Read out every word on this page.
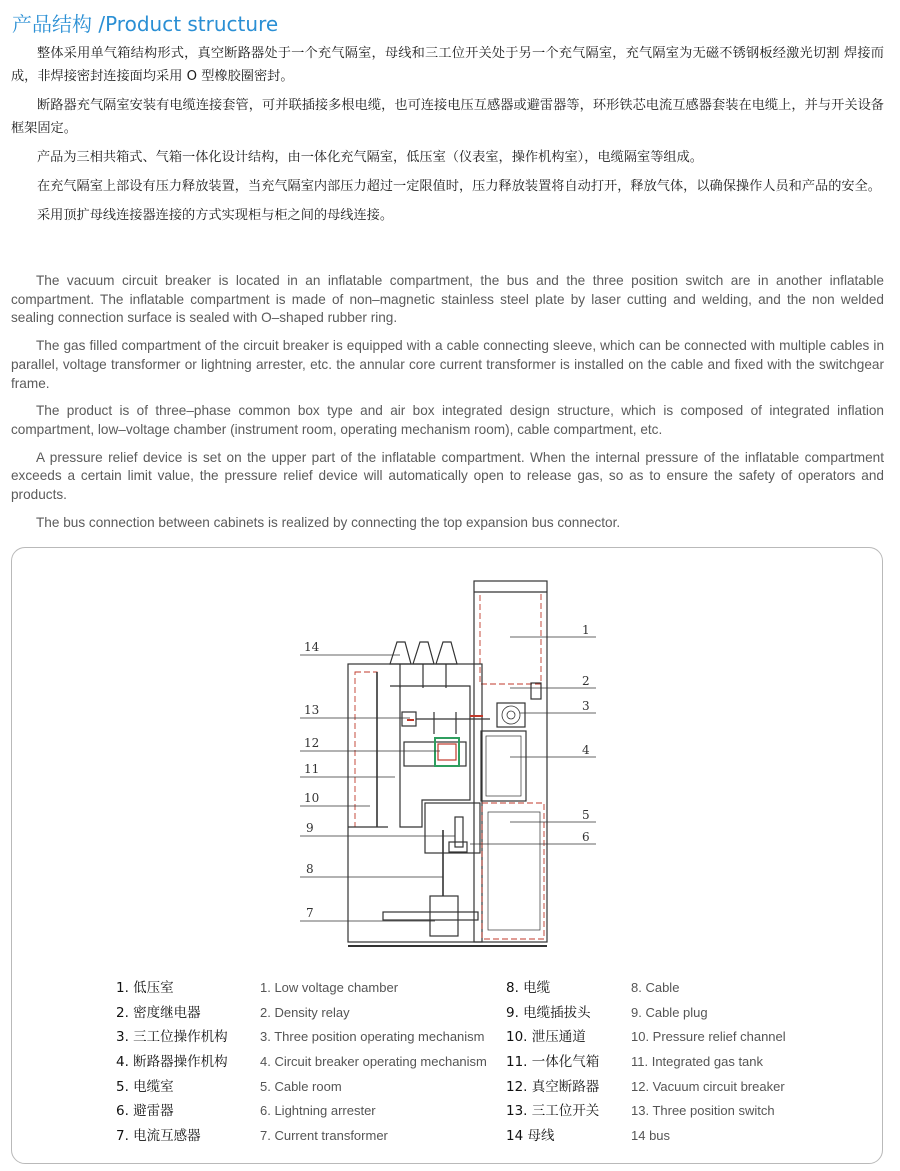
产品结构 /Product structure

整体采用单气箱结构形式，真空断路器处于一个充气隔室，母线和三工位开关处于另一个充气隔室，充气隔室为无磁不锈钢板经激光切割 焊接而成，非焊接密封连接面均采用 O 型橡胶圈密封。

断路器充气隔室安装有电缆连接套管，可并联插接多根电缆，也可连接电压互感器或避雷器等，环形铁芯电流互感器套装在电缆上，并与开关设备框架固定。

产品为三相共箱式、气箱一体化设计结构，由一体化充气隔室，低压室（仪表室，操作机构室），电缆隔室等组成。

在充气隔室上部设有压力释放装置，当充气隔室内部压力超过一定限值时，压力释放装置将自动打开，释放气体，以确保操作人员和产品的安全。

采用顶扩母线连接器连接的方式实现柜与柜之间的母线连接。

The vacuum circuit breaker is located in an inflatable compartment, the bus and the three position switch are in another inflatable compartment. The inflatable compartment is made of non–magnetic stainless steel plate by laser cutting and welding, and the non welded sealing connection surface is sealed with O–shaped rubber ring.

The gas filled compartment of the circuit breaker is equipped with a cable connecting sleeve, which can be connected with multiple cables in parallel, voltage transformer or lightning arrester, etc. the annular core current transformer is installed on the cable and fixed with the switchgear frame.

The product is of three–phase common box type and air box integrated design structure, which is composed of integrated inflation compartment, low–voltage chamber (instrument room, operating mechanism room), cable compartment, etc.

A pressure relief device is set on the upper part of the inflatable compartment. When the internal pressure of the inflatable compartment exceeds a certain limit value, the pressure relief device will automatically open to release gas, so as to ensure the safety of operators and products.

The bus connection between cabinets is realized by connecting the top expansion bus connector.

1
2
3
4
5
6
14
13
12
11
10
9
8
7
1. 低压室
2. 密度继电器
3. 三工位操作机构
4. 断路器操作机构
5. 电缆室
6. 避雷器
7. 电流互感器
1. Low voltage chamber
2. Density relay
3. Three position operating mechanism
4. Circuit breaker operating mechanism
5. Cable room
6. Lightning arrester
7. Current transformer
8. 电缆
9. 电缆插拔头
10. 泄压通道
11. 一体化气箱
12. 真空断路器
13. 三工位开关
14 母线
8. Cable
9. Cable plug
10. Pressure relief channel
11. Integrated gas tank
12. Vacuum circuit breaker
13. Three position switch
14 bus
